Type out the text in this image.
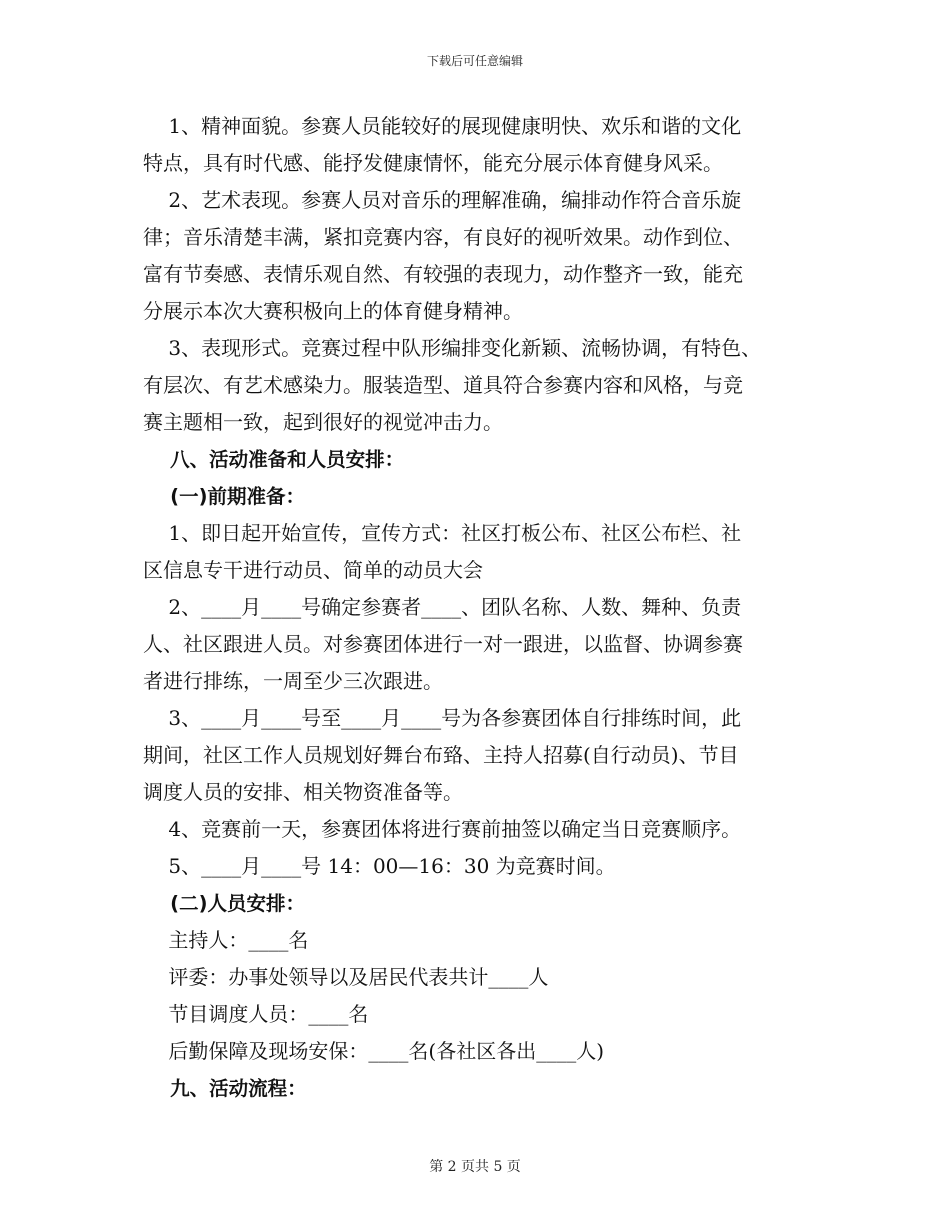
下载后可任意编辑
1、精神面貌。参赛人员能较好的展现健康明快、欢乐和谐的文化
特点，具有时代感、能抒发健康情怀，能充分展示体育健身风采。
2、艺术表现。参赛人员对音乐的理解准确，编排动作符合音乐旋
律；音乐清楚丰满，紧扣竞赛内容，有良好的视听效果。动作到位、
富有节奏感、表情乐观自然、有较强的表现力，动作整齐一致，能充
分展示本次大赛积极向上的体育健身精神。
3、表现形式。竞赛过程中队形编排变化新颖、流畅协调，有特色、
有层次、有艺术感染力。服装造型、道具符合参赛内容和风格，与竞
赛主题相一致，起到很好的视觉冲击力。
八、活动准备和人员安排：
(一)前期准备：
1、即日起开始宣传，宣传方式：社区打板公布、社区公布栏、社
区信息专干进行动员、简单的动员大会
2、____月____号确定参赛者____、团队名称、人数、舞种、负责
人、社区跟进人员。对参赛团体进行一对一跟进，以监督、协调参赛
者进行排练，一周至少三次跟进。
3、____月____号至____月____号为各参赛团体自行排练时间，此
期间，社区工作人员规划好舞台布臵、主持人招募(自行动员)、节目
调度人员的安排、相关物资准备等。
4、竞赛前一天，参赛团体将进行赛前抽签以确定当日竞赛顺序。
5、____月____号 14：00—16：30 为竞赛时间。
(二)人员安排：
主持人：____名
评委：办事处领导以及居民代表共计____人
节目调度人员：____名
后勤保障及现场安保：____名(各社区各出____人)
九、活动流程：
第 2 页共 5 页
